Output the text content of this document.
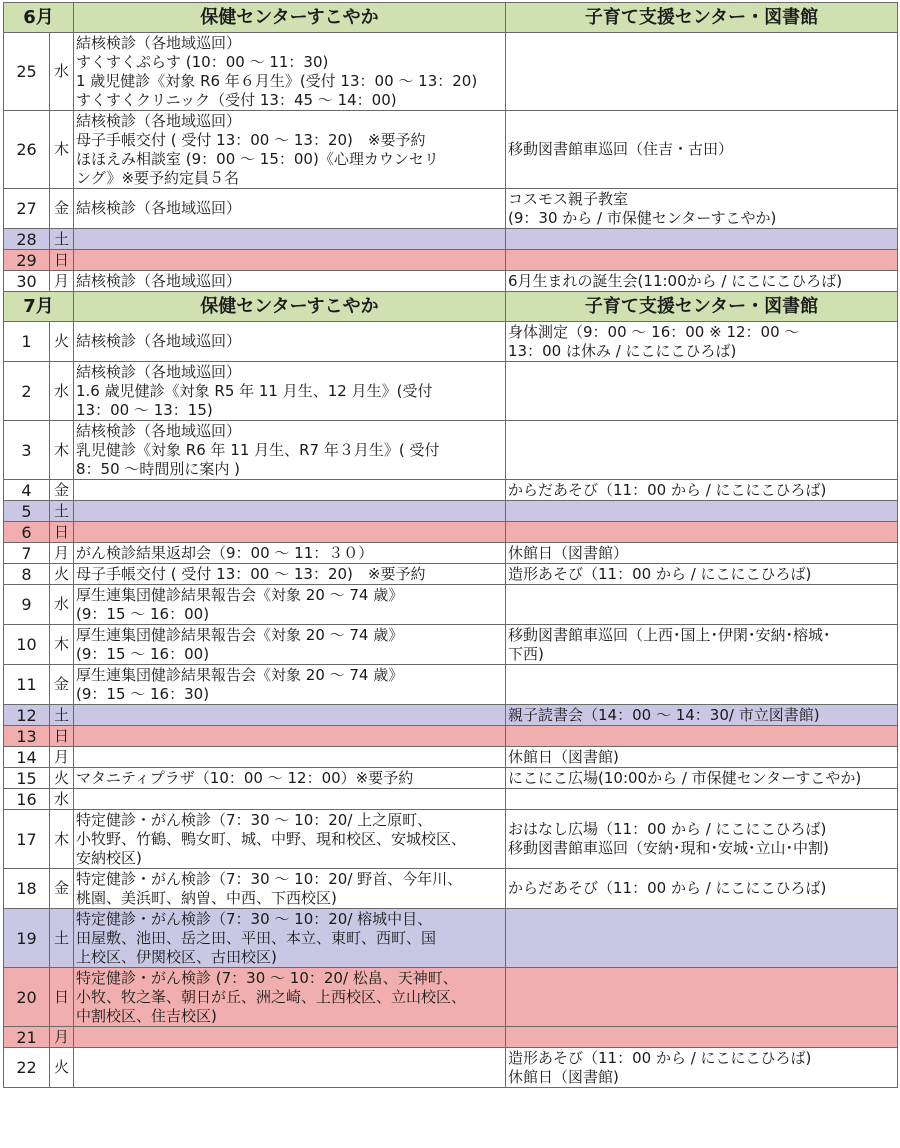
6月		保健センターすこやか	子育て支援センター・図書館
25	水	結核検診（各地域巡回）
すくすくぷらす (10：00 ～ 11：30)
1 歳児健診《対象 R6 年６月生》(受付 13：00 ～ 13：20)
すくすくクリニック（受付 13：45 ～ 14：00)	

26	木	結核検診（各地域巡回）
母子手帳交付 ( 受付 13：00 ～ 13：20)　※要予約
ほほえみ相談室 (9：00 ～ 15：00)《心理カウンセリ
ング》※要予約定員５名	移動図書館車巡回（住吉・古田）

27	金	結核検診（各地域巡回）	コスモス親子教室
(9：30 から / 市保健センターすこやか)

28	土		
29	日		
30	月	結核検診（各地域巡回）	6月生まれの誕生会(11:00から / にこにこひろば)

7月		保健センターすこやか	子育て支援センター・図書館
1	火	結核検診（各地域巡回）	身体測定（9：00 ～ 16：00 ※ 12：00 ～
13：00 は休み / にこにこひろば)

2	水	結核検診（各地域巡回）
1.6 歳児健診《対象 R5 年 11 月生、12 月生》(受付
13：00 ～ 13：15)	

3	木	結核検診（各地域巡回）
乳児健診《対象 R6 年 11 月生、R7 年３月生》( 受付
8：50 ～時間別に案内 )	

4	金		からだあそび（11：00 から / にこにこひろば)

5	土		
6	日		
7	月	がん検診結果返却会（9：00 ～ 11：３０）	休館日（図書館）

8	火	母子手帳交付 ( 受付 13：00 ～ 13：20)　※要予約	造形あそび（11：00 から / にこにこひろば)

9	水	厚生連集団健診結果報告会《対象 20 ～ 74 歳》
(9：15 ～ 16：00)	

10	木	厚生連集団健診結果報告会《対象 20 ～ 74 歳》
(9：15 ～ 16：00)	移動図書館車巡回（上西･国上･伊閑･安納･榕城･
下西)

11	金	厚生連集団健診結果報告会《対象 20 ～ 74 歳》
(9：15 ～ 16：30)	

12	土		親子読書会（14：00 ～ 14：30/ 市立図書館)

13	日		
14	月		休館日（図書館)

15	火	マタニティプラザ（10：00 ～ 12：00）※要予約	にこにこ広場(10:00から / 市保健センターすこやか)

16	水		
17	木	特定健診・がん検診（7：30 ～ 10：20/ 上之原町、
小牧野、竹鶴、鴨女町、城、中野、現和校区、安城校区、
安納校区)	おはなし広場（11：00 から / にこにこひろば)
移動図書館車巡回（安納･現和･安城･立山･中割)

18	金	特定健診・がん検診（7：30 ～ 10：20/ 野首、今年川、
桃園、美浜町、納曽、中西、下西校区)	からだあそび（11：00 から / にこにこひろば)

19	土	特定健診・がん検診（7：30 ～ 10：20/ 榕城中目、
田屋敷、池田、岳之田、平田、本立、東町、西町、国
上校区、伊関校区、古田校区)	

20	日	特定健診・がん検診 (7：30 ～ 10：20/ 松畠、天神町、
小牧、牧之峯、朝日が丘、洲之崎、上西校区、立山校区、
中割校区、住吉校区)	

21	月		
22	火		造形あそび（11：00 から / にこにこひろば)
休館日（図書館)
